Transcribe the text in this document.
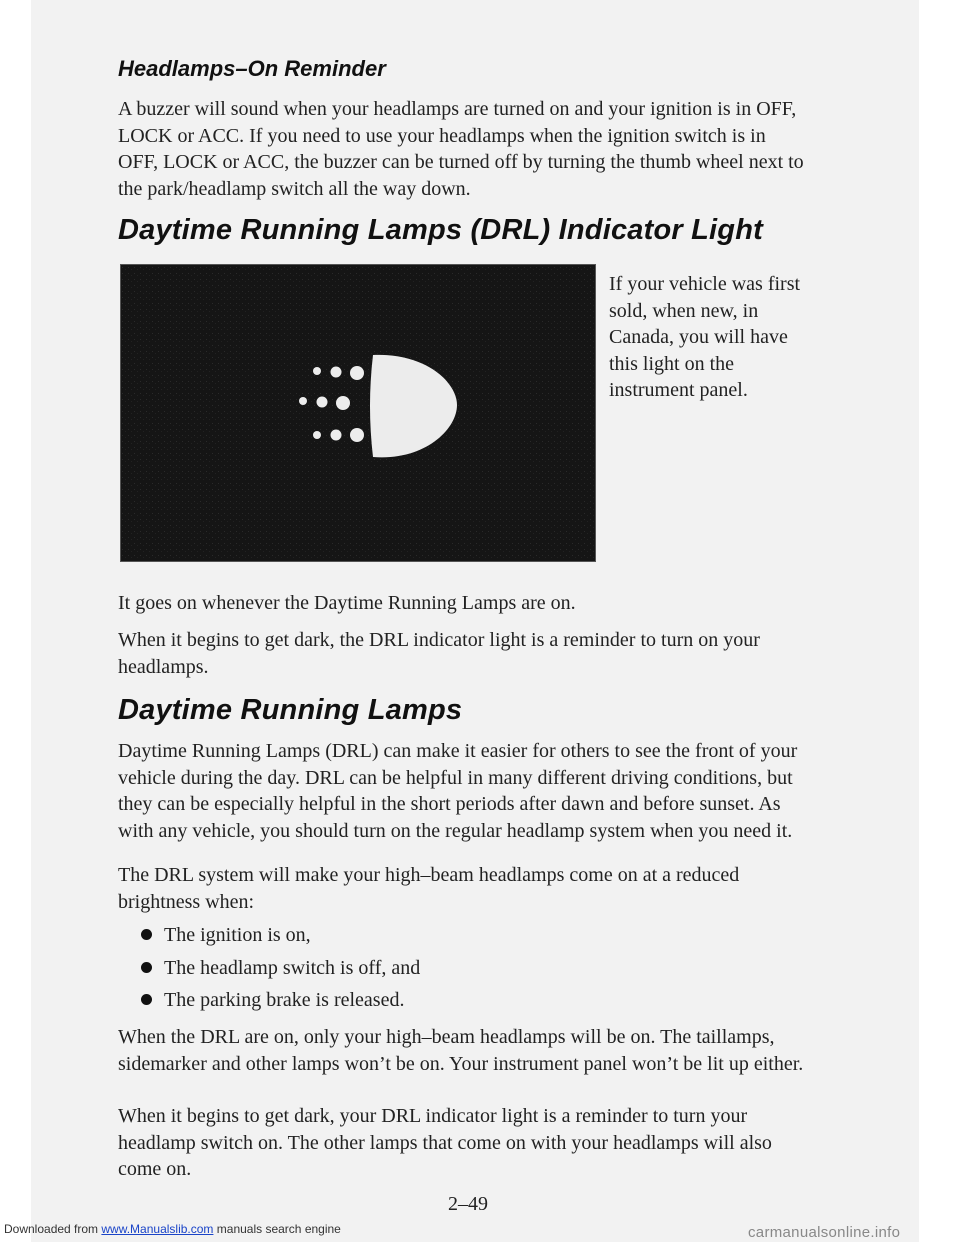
Downloaded from www.Manualslib.com manuals search engine	carmanualsonline.info
Headlamps–On Reminder

A buzzer will sound when your headlamps are turned on and your ignition is in OFF, LOCK or ACC. If you need to use your headlamps when the ignition switch is in OFF, LOCK or ACC, the buzzer can be turned off by turning the thumb wheel next to the park/headlamp switch all the way down.

Daytime Running Lamps (DRL) Indicator Light

If your vehicle was first sold, when new, in Canada, you will have this light on the instrument panel.

It goes on whenever the Daytime Running Lamps are on.

When it begins to get dark, the DRL indicator light is a reminder to turn on your headlamps.

Daytime Running Lamps

Daytime Running Lamps (DRL) can make it easier for others to see the front of your vehicle during the day. DRL can be helpful in many different driving conditions, but they can be especially helpful in the short periods after dawn and before sunset. As with any vehicle, you should turn on the regular headlamp system when you need it.

The DRL system will make your high–beam headlamps come on at a reduced brightness when:

The ignition is on,
The headlamp switch is off, and
The parking brake is released.

When the DRL are on, only your high–beam headlamps will be on. The taillamps, sidemarker and other lamps won’t be on. Your instrument panel won’t be lit up either.

When it begins to get dark, your DRL indicator light is a reminder to turn your headlamp switch on. The other lamps that come on with your headlamps will also come on.

2–49
